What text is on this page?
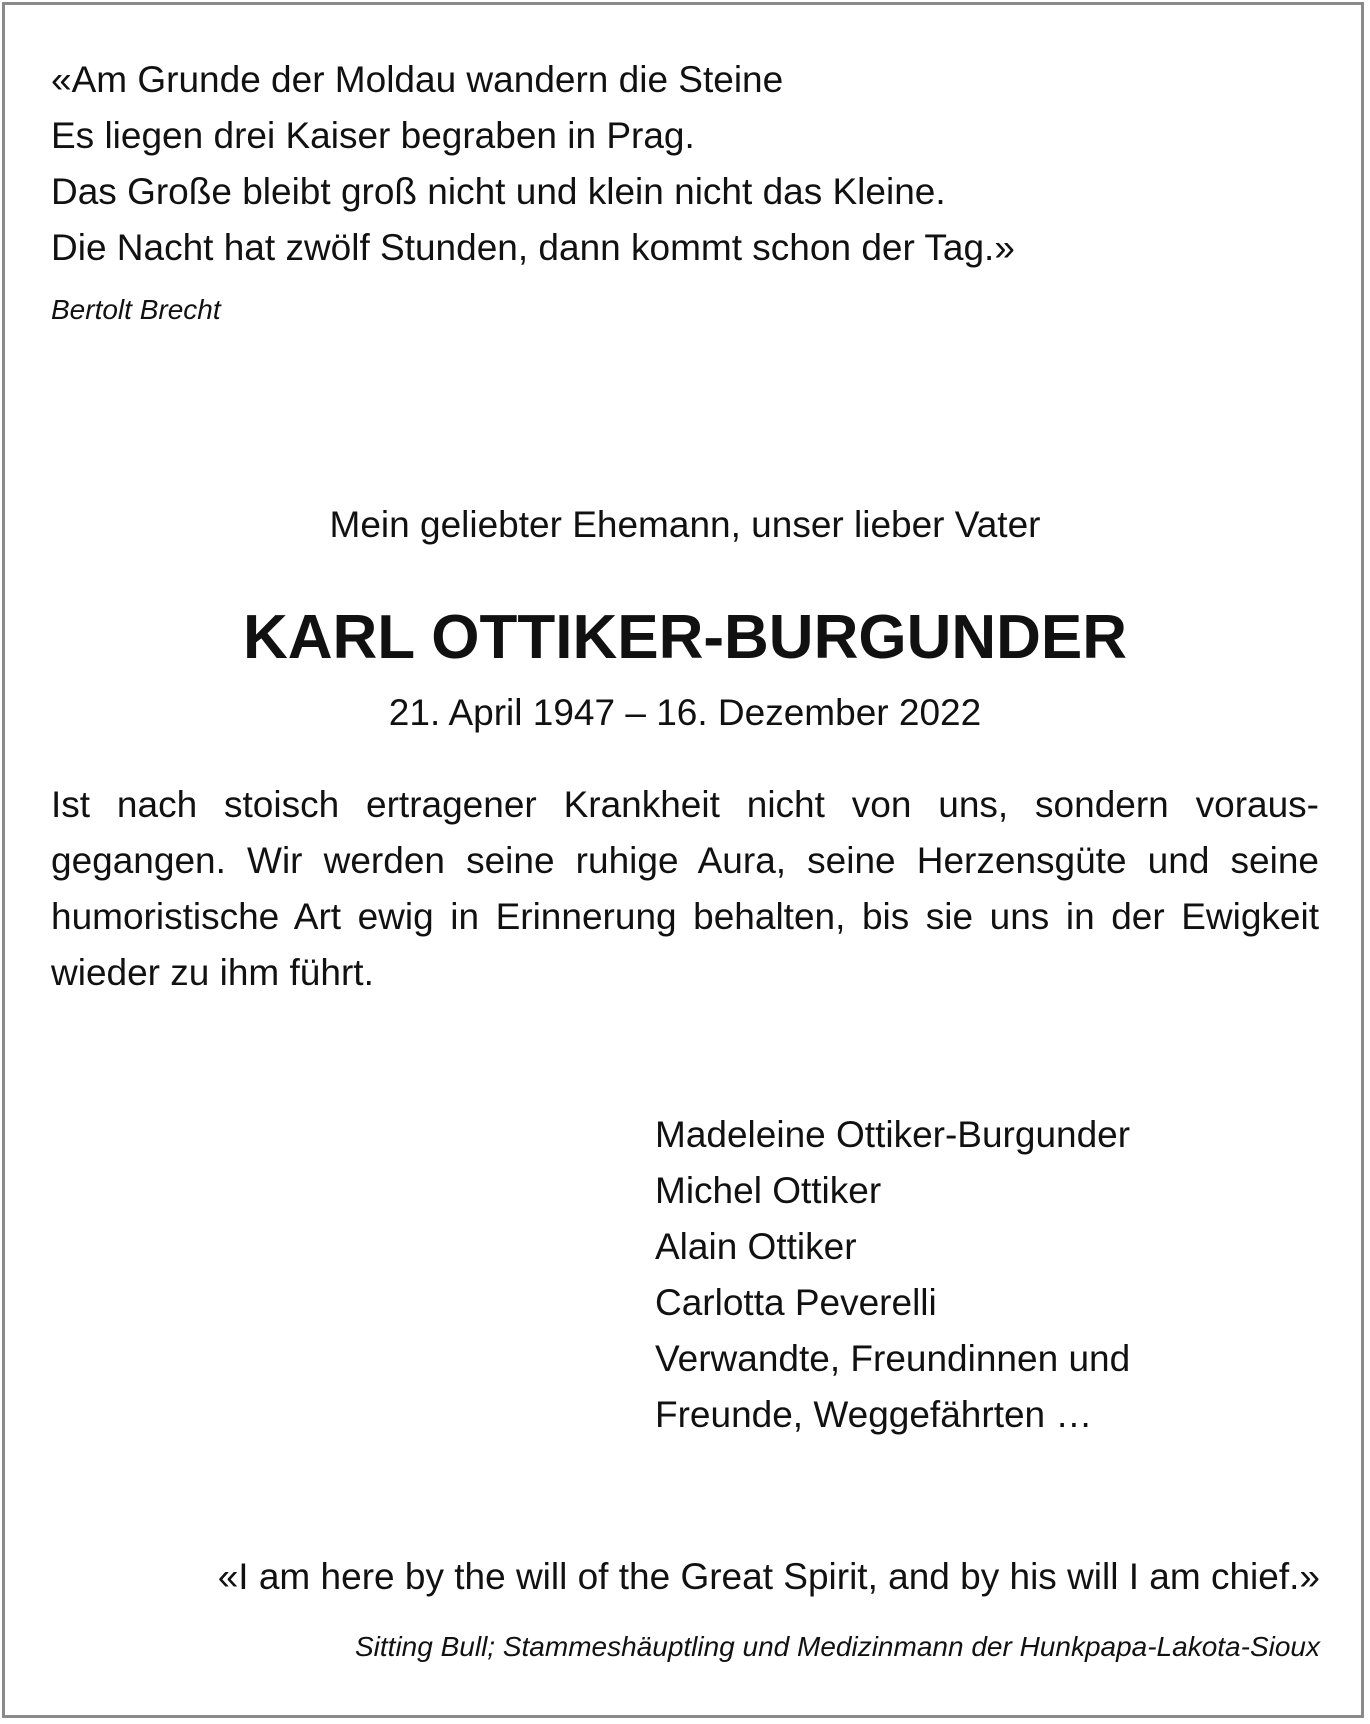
«Am Grunde der Moldau wandern die Steine
Es liegen drei Kaiser begraben in Prag.
Das Große bleibt groß nicht und klein nicht das Kleine.
Die Nacht hat zwölf Stunden, dann kommt schon der Tag.»
Bertolt Brecht
Mein geliebter Ehemann, unser lieber Vater
KARL OTTIKER-BURGUNDER
21. April 1947 – 16. Dezember 2022
Ist nach stoisch ertragener Krankheit nicht von uns, sondern voraus-gegangen. Wir werden seine ruhige Aura, seine Herzensgüte und seine humoristische Art ewig in Erinnerung behalten, bis sie uns in der Ewigkeit wieder zu ihm führt.
Madeleine Ottiker-Burgunder
Michel Ottiker
Alain Ottiker
Carlotta Peverelli
Verwandte, Freundinnen und
Freunde, Weggefährten …
«I am here by the will of the Great Spirit, and by his will I am chief.»
Sitting Bull; Stammeshäuptling und Medizinmann der Hunkpapa-Lakota-Sioux
